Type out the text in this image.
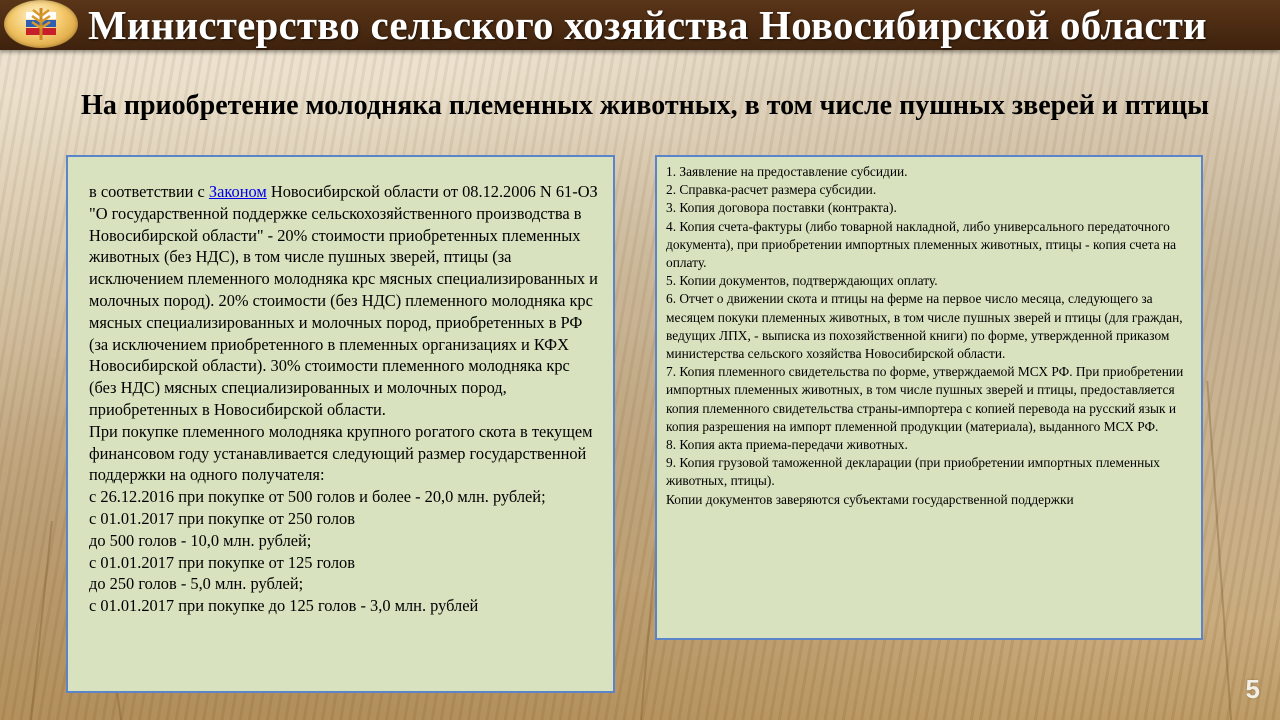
Министерство сельского хозяйства Новосибирской области
На приобретение молодняка племенных животных, в том числе пушных зверей и птицы

в соответствии с Законом Новосибирской области от 08.12.2006 N 61-ОЗ "О государственной поддержке сельскохозяйственного производства в Новосибирской области" - 20% стоимости приобретенных племенных животных (без НДС), в том числе пушных зверей, птицы (за исключением племенного молодняка крс мясных специализированных и молочных пород). 20% стоимости (без НДС) племенного молодняка крс мясных специализированных и молочных пород, приобретенных в РФ (за исключением приобретенного в племенных организациях и КФХ Новосибирской области). 30% стоимости племенного молодняка крс (без НДС) мясных специализированных и молочных пород, приобретенных в Новосибирской области.

При покупке племенного молодняка крупного рогатого скота в текущем финансовом году устанавливается следующий размер государственной поддержки на одного получателя:

с 26.12.2016 при покупке от 500 голов и более - 20,0 млн. рублей;

с 01.01.2017 при покупке от 250 голов

до 500 голов - 10,0 млн. рублей;

с 01.01.2017 при покупке от 125 голов

до 250 голов - 5,0 млн. рублей;

с 01.01.2017 при покупке до 125 голов - 3,0 млн. рублей

1. Заявление на предоставление субсидии.

2. Справка-расчет размера субсидии.

3. Копия договора поставки (контракта).

4. Копия счета-фактуры (либо товарной накладной, либо универсального передаточного документа), при приобретении импортных племенных животных, птицы - копия счета на оплату.

5. Копии документов, подтверждающих оплату.

6. Отчет о движении скота и птицы на ферме на первое число месяца, следующего за месяцем покуки племенных животных, в том числе пушных зверей и птицы (для граждан, ведущих ЛПХ, - выписка из похозяйственной книги) по форме, утвержденной приказом министерства сельского хозяйства Новосибирской области.

7. Копия племенного свидетельства по форме, утверждаемой МСХ РФ. При приобретении импортных племенных животных, в том числе пушных зверей и птицы, предоставляется копия племенного свидетельства страны-импортера с копией перевода на русский язык и копия разрешения на импорт племенной продукции (материала), выданного МСХ РФ.

8. Копия акта приема-передачи животных.

9. Копия грузовой таможенной декларации (при приобретении импортных племенных животных, птицы).

Копии документов заверяются субъектами государственной поддержки

5
